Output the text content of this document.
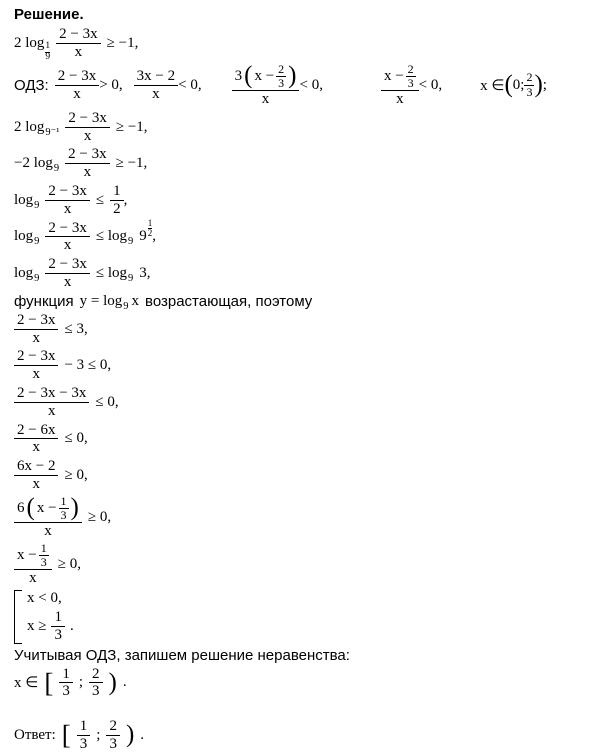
Решение.

2 $\log \frac{1}{9} \frac{2 - 3x}{x} \ge -1$,
ОДЗ: $\frac{2 - 3x}{x} > 0$, $\frac{3x - 2}{x} < 0$,
3 ( $x - \frac{2}{3}$ )
x
< 0,	$\frac{x - \frac{2}{3}}{x} < 0$,	x ∈ ( 0; $\frac{2}{3}$ ) ;
2 $\log 9^{-1} \frac{2 - 3x}{x} \ge -1$,
−2 $\log 9 \frac{2 - 3x}{x} \ge -1$,
$\log 9 \frac{2 - 3x}{x} \le \frac{1}{2}$ ,
$\log 9 \frac{2 - 3x}{x} \le \log 9$ $9 \frac{1}{2}$ ,
$\log 9 \frac{2 - 3x}{x} \le \log 9$ 3,
функция y = log 9 x возрастающая, поэтому
$\frac{2 - 3x}{x} \le 3$,
$\frac{2 - 3x}{x} - 3 \le 0$,
$\frac{2 - 3x - 3x}{x} \le 0$,
$\frac{2 - 6x}{x} \le 0$,
$\frac{6x - 2}{x} \ge 0$,
6 ( $x - \frac{1}{3}$ )
x
≥ 0,
$\frac{x - \frac{1}{3}}{x} \ge 0$,
x < 0,
$x \ge \frac{1}{3}$ .
Учитывая ОДЗ, запишем решение неравенства:
x ∈ [ $\frac{1}{3}$ ; $\frac{2}{3}$ ) .
Ответ: [ $\frac{1}{3}$ ; $\frac{2}{3}$ ) .
